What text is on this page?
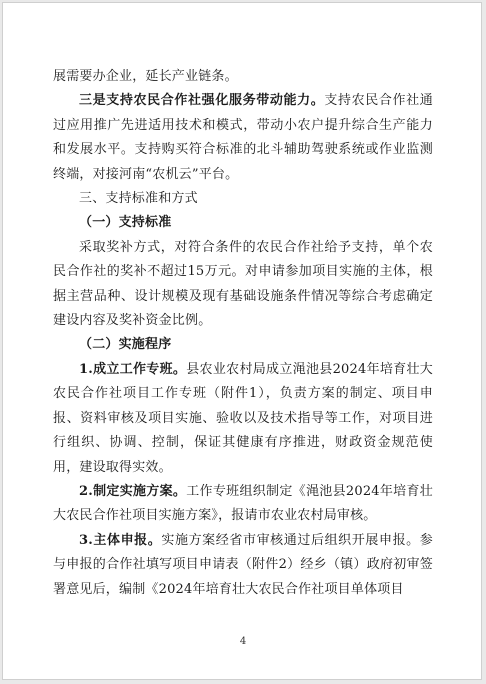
展需要办企业，延长产业链条。

三是支持农民合作社强化服务带动能力。支持农民合作社通过应用推广先进适用技术和模式，带动小农户提升综合生产能力和发展水平。支持购买符合标准的北斗辅助驾驶系统或作业监测终端，对接河南“农机云”平台。

三、支持标准和方式

（一）支持标准

采取奖补方式，对符合条件的农民合作社给予支持，单个农民合作社的奖补不超过15万元。对申请参加项目实施的主体，根据主营品种、设计规模及现有基础设施条件情况等综合考虑确定建设内容及奖补资金比例。

（二）实施程序

1.成立工作专班。县农业农村局成立渑池县2024年培育壮大农民合作社项目工作专班（附件1），负责方案的制定、项目申报、资料审核及项目实施、验收以及技术指导等工作，对项目进行组织、协调、控制，保证其健康有序推进，财政资金规范使用，建设取得实效。

2.制定实施方案。工作专班组织制定《渑池县2024年培育壮大农民合作社项目实施方案》，报请市农业农村局审核。

3.主体申报。实施方案经省市审核通过后组织开展申报。参与申报的合作社填写项目申请表（附件2）经乡（镇）政府初审签署意见后，编制《2024年培育壮大农民合作社项目单体项目

4
